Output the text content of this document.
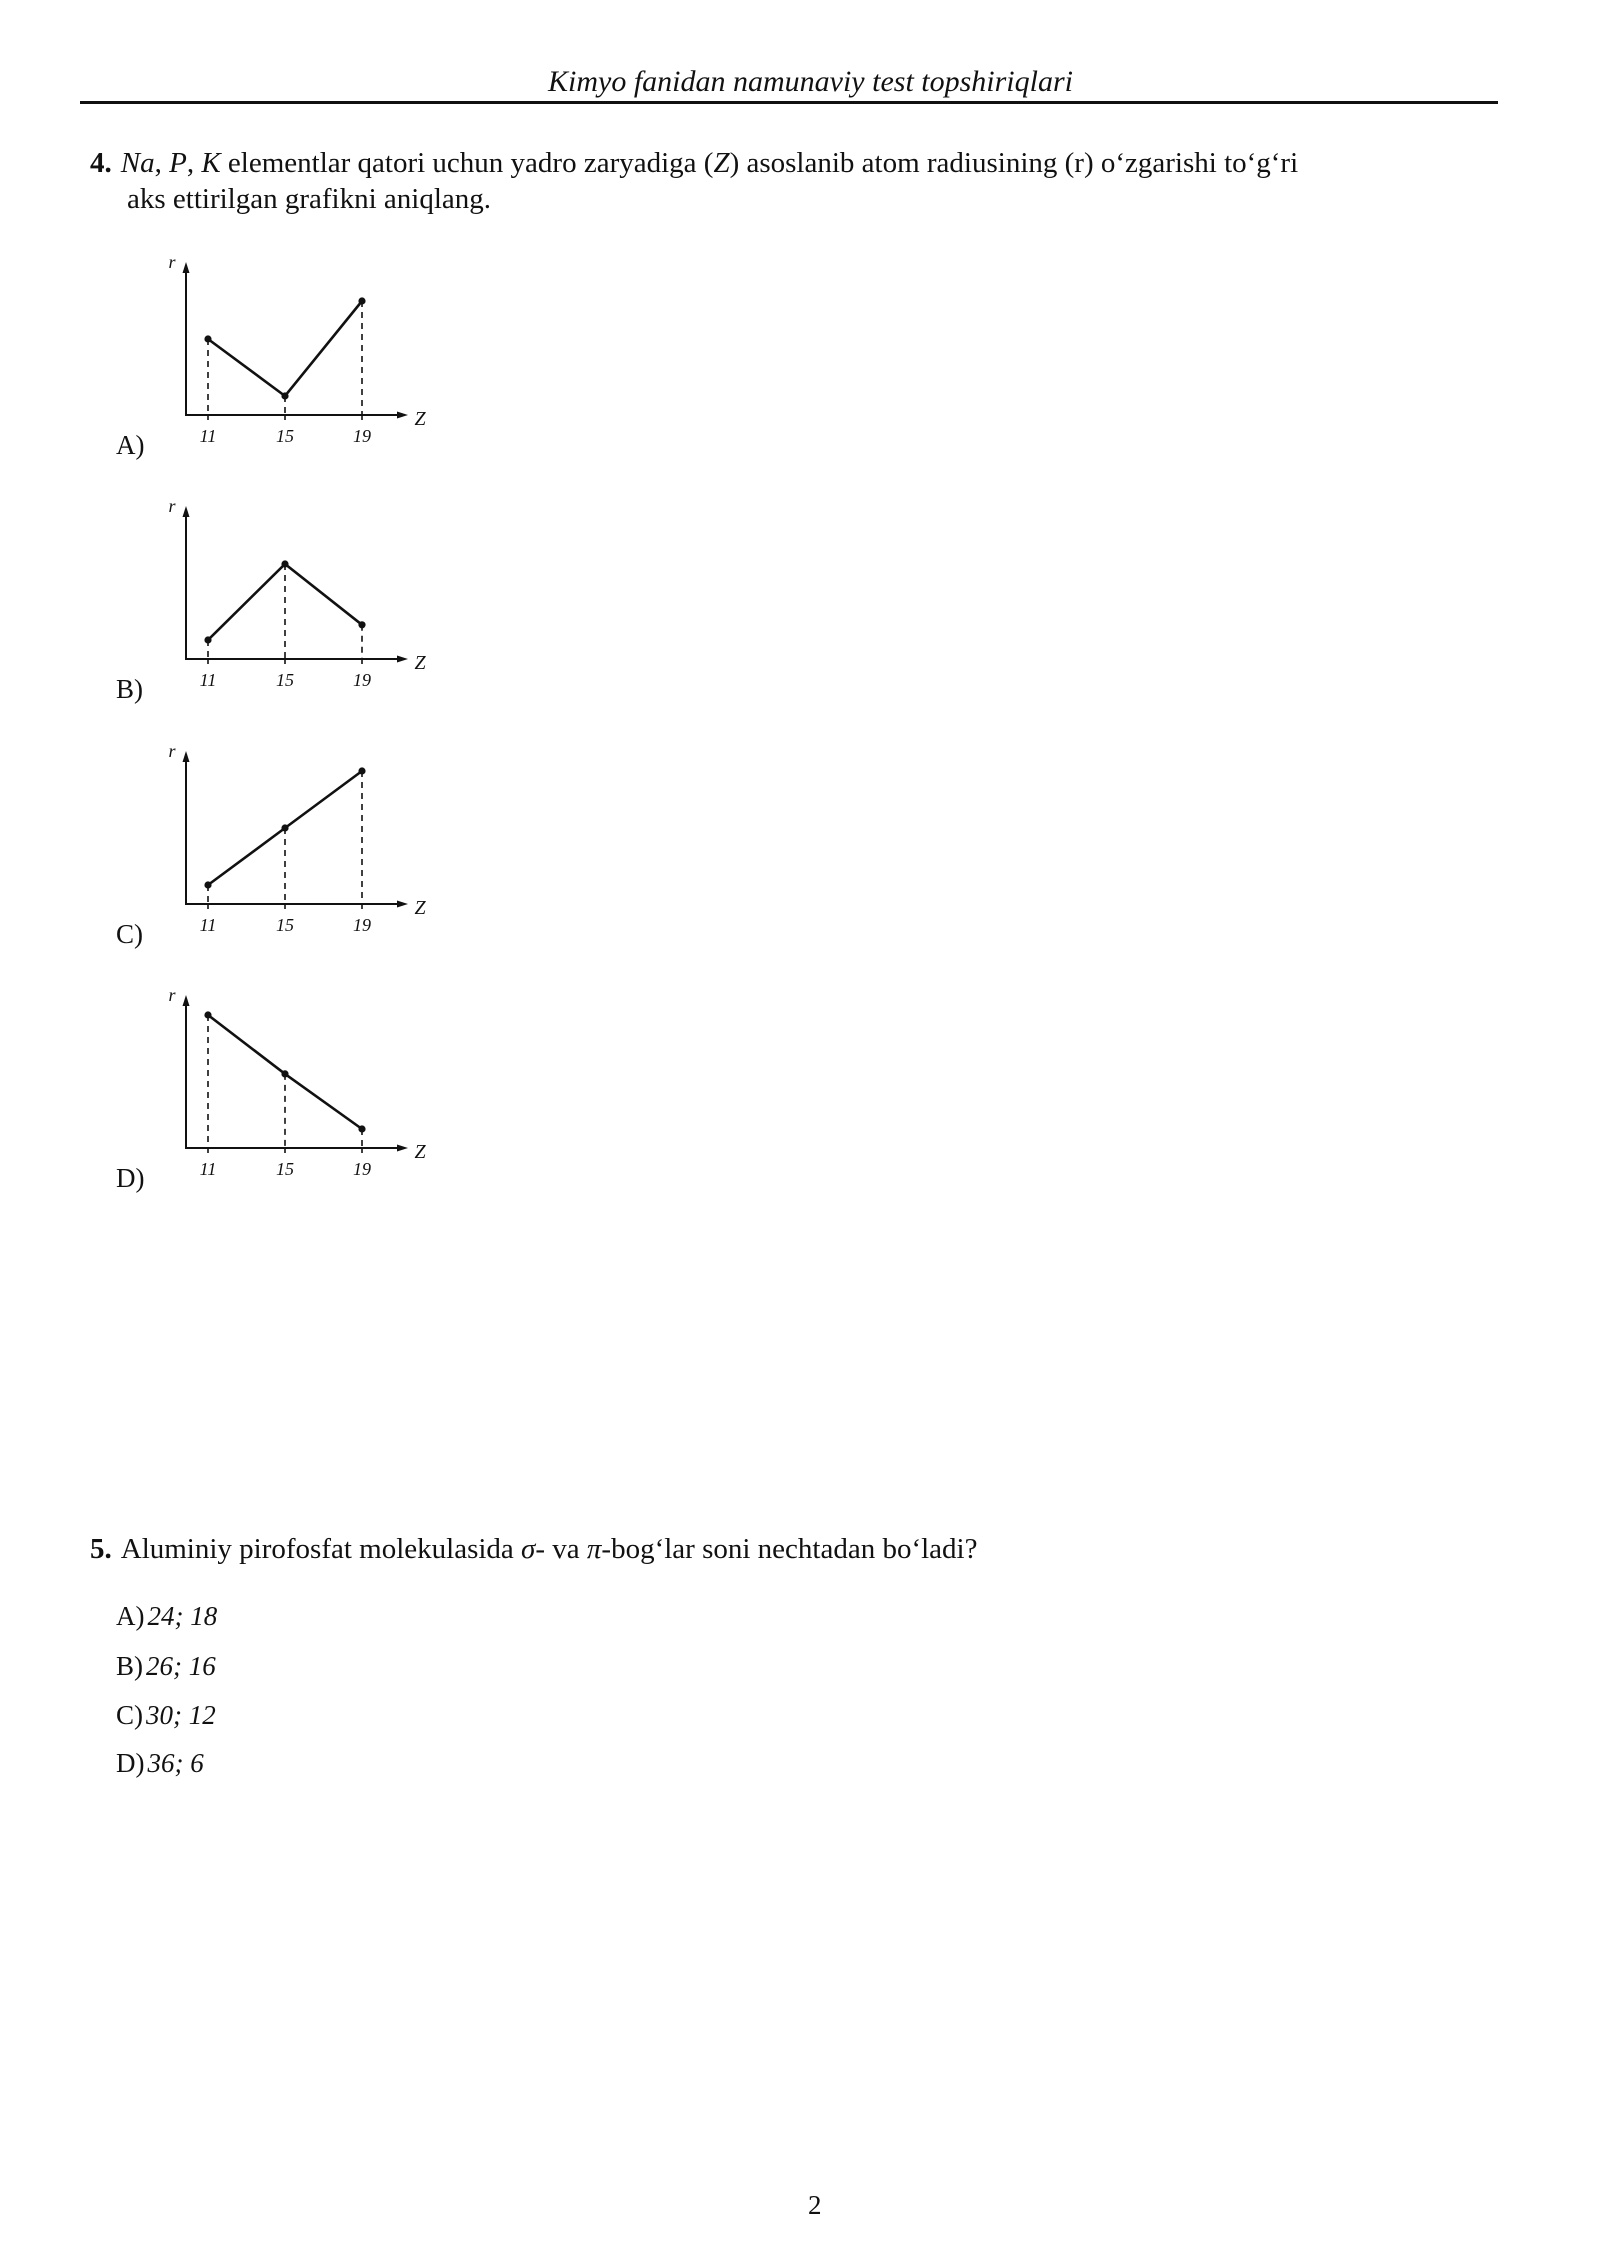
Kimyo fanidan namunaviy test topshiriqlari
4. Na, P, K elementlar qatori uchun yadro zaryadiga (Z) asoslanib atom radiusining (r) o‘zgarishi to‘g‘ri
aks ettirilgan grafikni aniqlang.
A)
r
Z
11	15	19
B)
r
Z
11	15	19
C)
r
Z
11	15	19
D)
r
Z
11	15	19
5. Aluminiy pirofosfat molekulasida σ- va π-bog‘lar soni nechtadan bo‘ladi?
A) 24; 18
B) 26; 16
C) 30; 12
D) 36; 6
2
